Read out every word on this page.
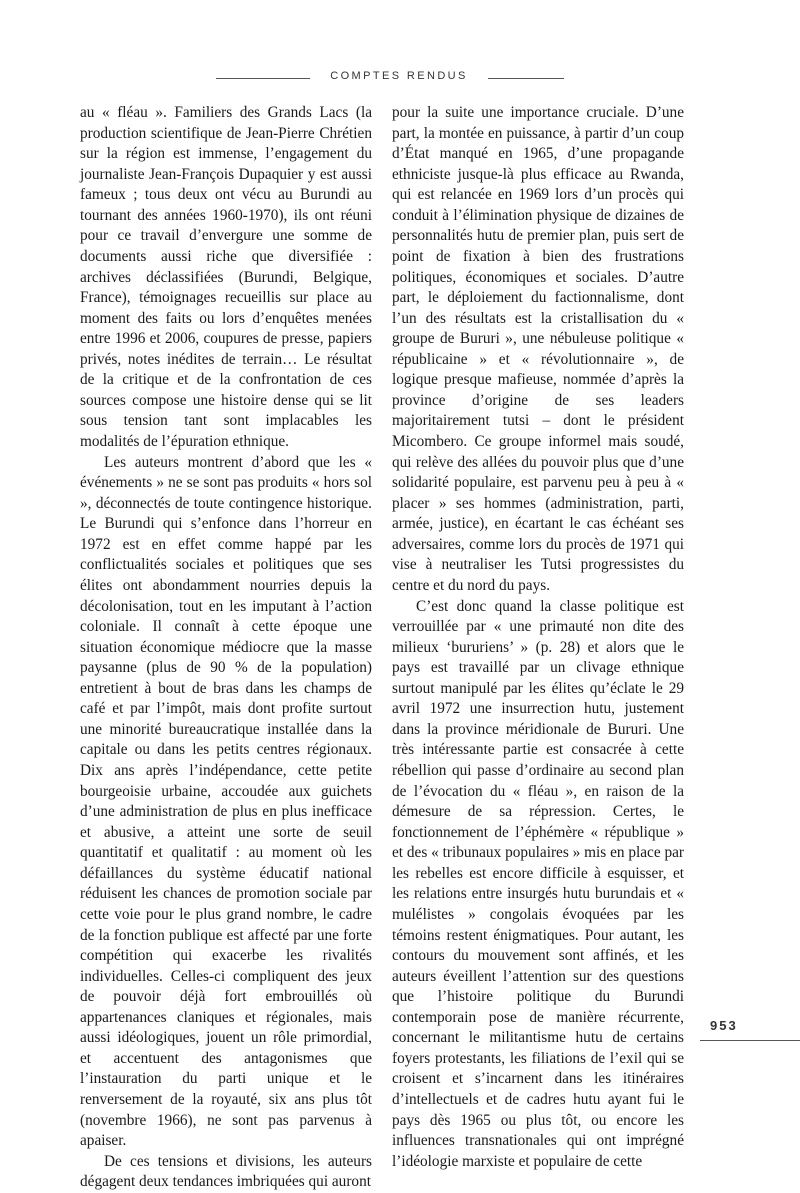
COMPTES RENDUS

au « fléau ». Familiers des Grands Lacs (la production scientifique de Jean-Pierre Chrétien sur la région est immense, l’engagement du journaliste Jean-François Dupaquier y est aussi fameux ; tous deux ont vécu au Burundi au tournant des années 1960-1970), ils ont réuni pour ce travail d’envergure une somme de documents aussi riche que diversifiée : archives déclassifiées (Burundi, Belgique, France), témoignages recueillis sur place au moment des faits ou lors d’enquêtes menées entre 1996 et 2006, coupures de presse, papiers privés, notes inédites de terrain… Le résultat de la critique et de la confrontation de ces sources compose une histoire dense qui se lit sous tension tant sont implacables les modalités de l’épuration ethnique.

Les auteurs montrent d’abord que les « événements » ne se sont pas produits « hors sol », déconnectés de toute contingence historique. Le Burundi qui s’enfonce dans l’horreur en 1972 est en effet comme happé par les conflictualités sociales et politiques que ses élites ont abondamment nourries depuis la décolonisation, tout en les imputant à l’action coloniale. Il connaît à cette époque une situation économique médiocre que la masse paysanne (plus de 90 % de la population) entretient à bout de bras dans les champs de café et par l’impôt, mais dont profite surtout une minorité bureaucratique installée dans la capitale ou dans les petits centres régionaux. Dix ans après l’indépendance, cette petite bourgeoisie urbaine, accoudée aux guichets d’une administration de plus en plus inefficace et abusive, a atteint une sorte de seuil quantitatif et qualitatif : au moment où les défaillances du système éducatif national réduisent les chances de promotion sociale par cette voie pour le plus grand nombre, le cadre de la fonction publique est affecté par une forte compétition qui exacerbe les rivalités individuelles. Celles-ci compliquent des jeux de pouvoir déjà fort embrouillés où appartenances claniques et régionales, mais aussi idéologiques, jouent un rôle primordial, et accentuent des antagonismes que l’instauration du parti unique et le renversement de la royauté, six ans plus tôt (novembre 1966), ne sont pas parvenus à apaiser.

De ces tensions et divisions, les auteurs dégagent deux tendances imbriquées qui auront

pour la suite une importance cruciale. D’une part, la montée en puissance, à partir d’un coup d’État manqué en 1965, d’une propagande ethniciste jusque-là plus efficace au Rwanda, qui est relancée en 1969 lors d’un procès qui conduit à l’élimination physique de dizaines de personnalités hutu de premier plan, puis sert de point de fixation à bien des frustrations politiques, économiques et sociales. D’autre part, le déploiement du factionnalisme, dont l’un des résultats est la cristallisation du « groupe de Bururi », une nébuleuse politique « républicaine » et « révolutionnaire », de logique presque mafieuse, nommée d’après la province d’origine de ses leaders majoritairement tutsi – dont le président Micombero. Ce groupe informel mais soudé, qui relève des allées du pouvoir plus que d’une solidarité populaire, est parvenu peu à peu à « placer » ses hommes (administration, parti, armée, justice), en écartant le cas échéant ses adversaires, comme lors du procès de 1971 qui vise à neutraliser les Tutsi progressistes du centre et du nord du pays.

C’est donc quand la classe politique est verrouillée par « une primauté non dite des milieux ‘bururiens’ » (p. 28) et alors que le pays est travaillé par un clivage ethnique surtout manipulé par les élites qu’éclate le 29 avril 1972 une insurrection hutu, justement dans la province méridionale de Bururi. Une très intéressante partie est consacrée à cette rébellion qui passe d’ordinaire au second plan de l’évocation du « fléau », en raison de la démesure de sa répression. Certes, le fonctionnement de l’éphémère « république » et des « tribunaux populaires » mis en place par les rebelles est encore difficile à esquisser, et les relations entre insurgés hutu burundais et « mulélistes » congolais évoquées par les témoins restent énigmatiques. Pour autant, les contours du mouvement sont affinés, et les auteurs éveillent l’attention sur des questions que l’histoire politique du Burundi contemporain pose de manière récurrente, concernant le militantisme hutu de certains foyers protestants, les filiations de l’exil qui se croisent et s’incarnent dans les itinéraires d’intellectuels et de cadres hutu ayant fui le pays dès 1965 ou plus tôt, ou encore les influences transnationales qui ont imprégné l’idéologie marxiste et populaire de cette

953
